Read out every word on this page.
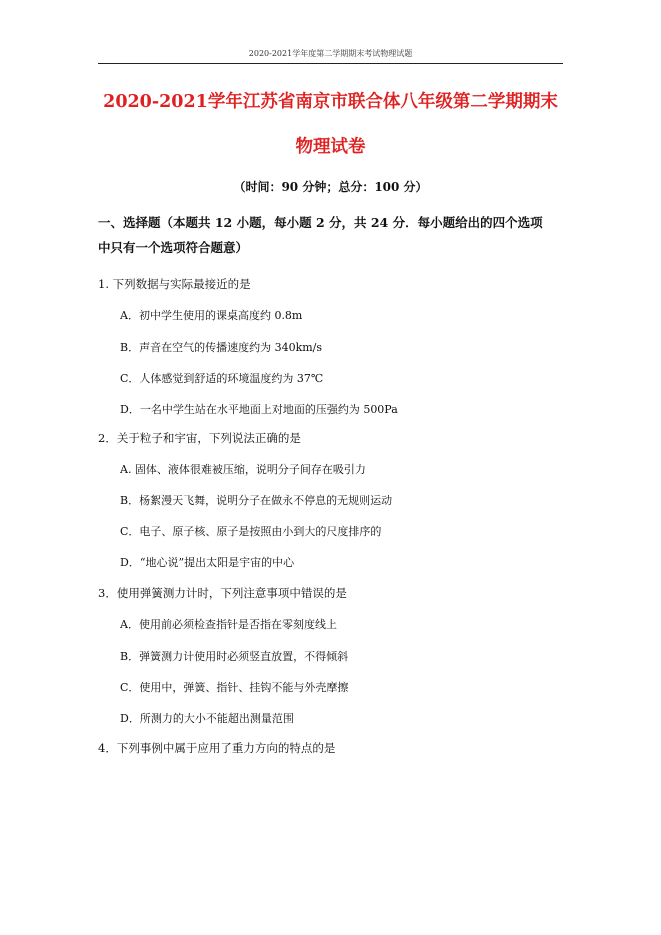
2020-2021学年度第二学期期末考试物理试题
2020-2021学年江苏省南京市联合体八年级第二学期期末
物理试卷
（时间：90 分钟；总分：100 分）
一、选择题（本题共 12 小题，每小题 2 分，共 24 分．每小题给出的四个选项
中只有一个选项符合题意）
1. 下列数据与实际最接近的是
A．初中学生使用的课桌高度约 0.8m
B．声音在空气的传播速度约为 340km/s
C．人体感觉到舒适的环境温度约为 37℃
D．一名中学生站在水平地面上对地面的压强约为 500Pa
2．关于粒子和宇宙，下列说法正确的是
A. 固体、液体很难被压缩，说明分子间存在吸引力
B．杨絮漫天飞舞，说明分子在做永不停息的无规则运动
C．电子、原子核、原子是按照由小到大的尺度排序的
D．“地心说”提出太阳是宇宙的中心
3．使用弹簧测力计时，下列注意事项中错误的是
A．使用前必须检查指针是否指在零刻度线上
B．弹簧测力计使用时必须竖直放置，不得倾斜
C．使用中，弹簧、指针、挂钩不能与外壳摩擦
D．所测力的大小不能超出测量范围
4．下列事例中属于应用了重力方向的特点的是
